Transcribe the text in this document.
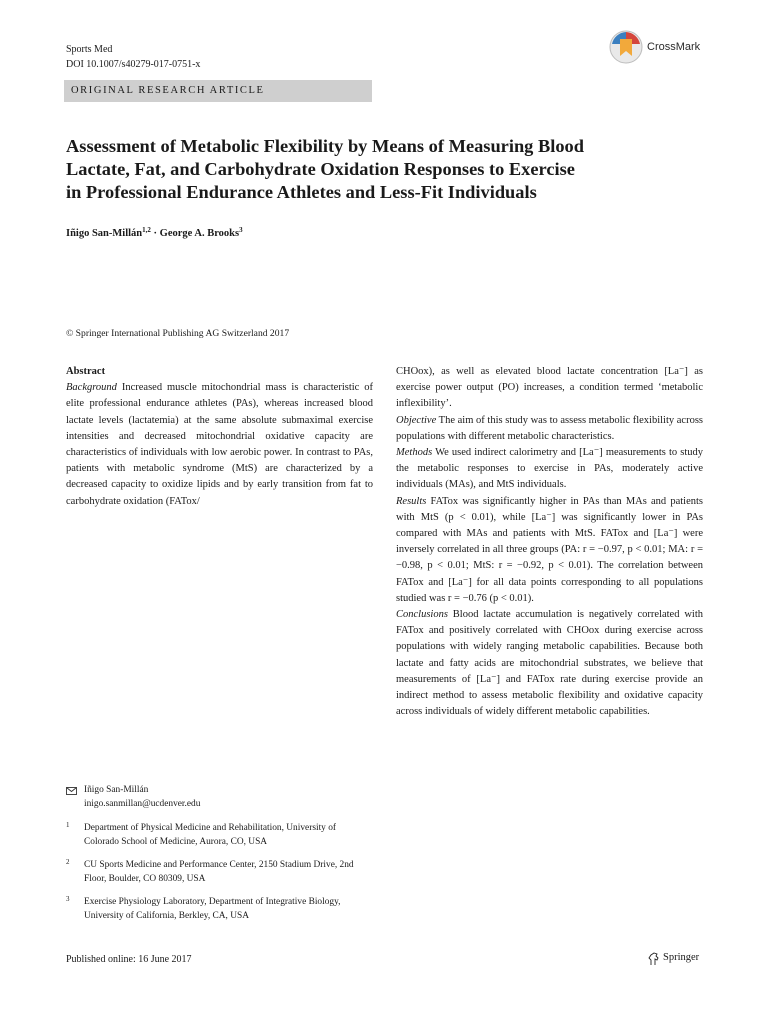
Sports Med
DOI 10.1007/s40279-017-0751-x
CrossMark
ORIGINAL RESEARCH ARTICLE
Assessment of Metabolic Flexibility by Means of Measuring Blood
Lactate, Fat, and Carbohydrate Oxidation Responses to Exercise
in Professional Endurance Athletes and Less-Fit Individuals
Iñigo San-Millán$^{1,2}$ · George A. Brooks$^3$
© Springer International Publishing AG Switzerland 2017

Abstract

Background Increased muscle mitochondrial mass is characteristic of elite professional endurance athletes (PAs), whereas increased blood lactate levels (lactatemia) at the same absolute submaximal exercise intensities and decreased mitochondrial oxidative capacity are characteristics of individuals with low aerobic power. In contrast to PAs, patients with metabolic syndrome (MtS) are characterized by a decreased capacity to oxidize lipids and by early transition from fat to carbohydrate oxidation (FATox/

CHOox), as well as elevated blood lactate concentration [La⁻] as exercise power output (PO) increases, a condition termed ‘metabolic inflexibility’.

Objective The aim of this study was to assess metabolic flexibility across populations with different metabolic characteristics.

Methods We used indirect calorimetry and [La⁻] measurements to study the metabolic responses to exercise in PAs, moderately active individuals (MAs), and MtS individuals.

Results FATox was significantly higher in PAs than MAs and patients with MtS (p < 0.01), while [La⁻] was significantly lower in PAs compared with MAs and patients with MtS. FATox and [La⁻] were inversely correlated in all three groups (PA: r = −0.97, p < 0.01; MA: r = −0.98, p < 0.01; MtS: r = −0.92, p < 0.01). The correlation between FATox and [La⁻] for all data points corresponding to all populations studied was r = −0.76 (p < 0.01).

Conclusions Blood lactate accumulation is negatively correlated with FATox and positively correlated with CHOox during exercise across populations with widely ranging metabolic capabilities. Because both lactate and fatty acids are mitochondrial substrates, we believe that measurements of [La⁻] and FATox rate during exercise provide an indirect method to assess metabolic flexibility and oxidative capacity across individuals of widely different metabolic capabilities.

Iñigo San-Millán
inigo.sanmillan@ucdenver.edu
1 Department of Physical Medicine and Rehabilitation, University of Colorado School of Medicine, Aurora, CO, USA
2 CU Sports Medicine and Performance Center, 2150 Stadium Drive, 2nd Floor, Boulder, CO 80309, USA
3 Exercise Physiology Laboratory, Department of Integrative Biology, University of California, Berkley, CA, USA
Published online: 16 June 2017	Springer
